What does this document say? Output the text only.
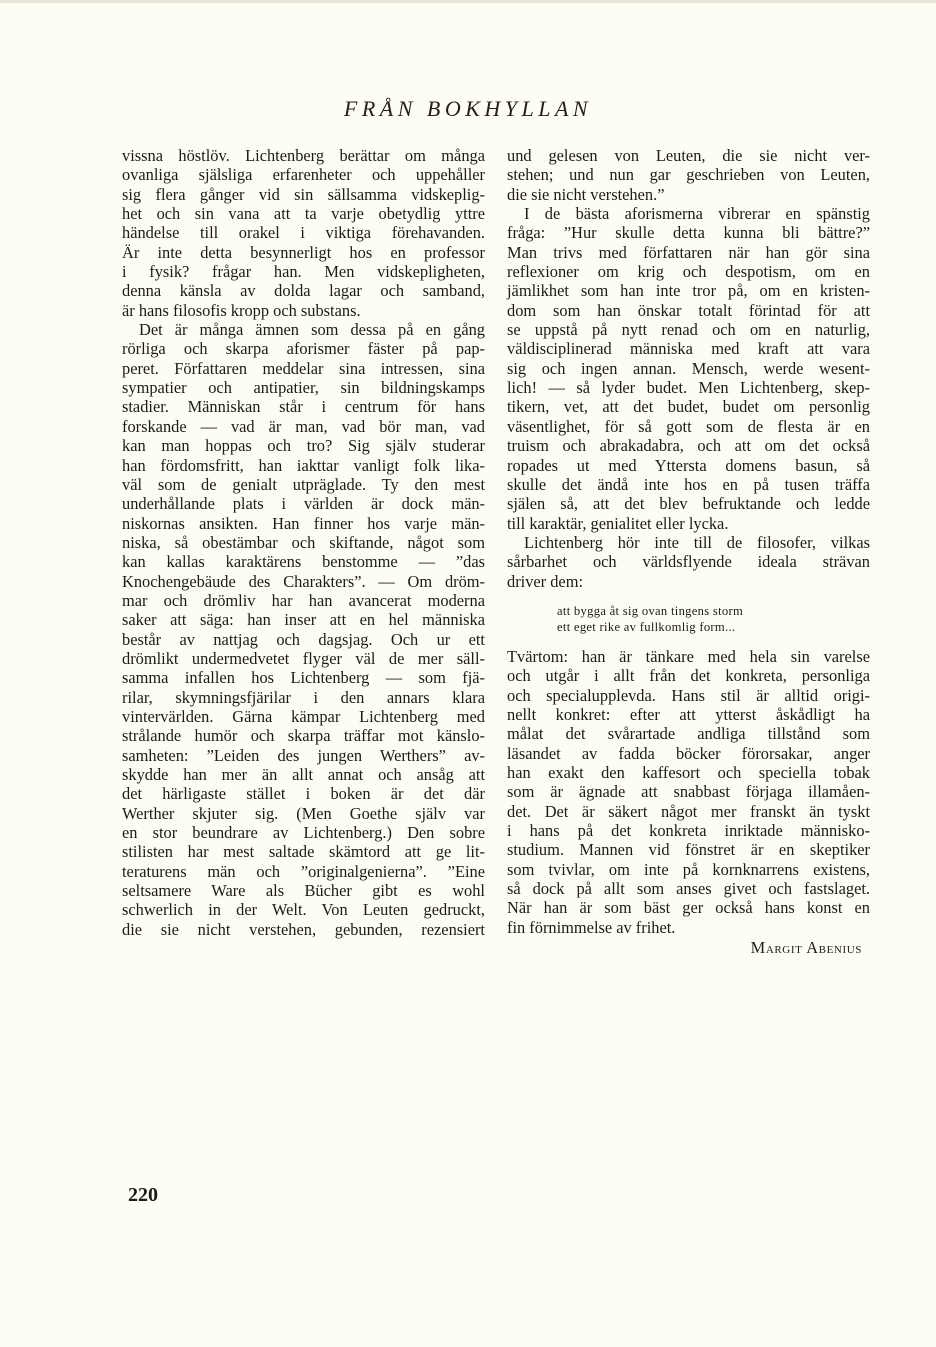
FRÅN BOKHYLLAN
vissna höstlöv. Lichtenberg berättar om många
ovanliga själsliga erfarenheter och uppehåller
sig flera gånger vid sin sällsamma vidskeplig-
het och sin vana att ta varje obetydlig yttre
händelse till orakel i viktiga förehavanden.
Är inte detta besynnerligt hos en professor
i fysik? frågar han. Men vidskepligheten,
denna känsla av dolda lagar och samband,
är hans filosofis kropp och substans.
Det är många ämnen som dessa på en gång
rörliga och skarpa aforismer fäster på pap-
peret. Författaren meddelar sina intressen, sina
sympatier och antipatier, sin bildningskamps
stadier. Människan står i centrum för hans
forskande — vad är man, vad bör man, vad
kan man hoppas och tro? Sig själv studerar
han fördomsfritt, han iakttar vanligt folk lika-
väl som de genialt utpräglade. Ty den mest
underhållande plats i världen är dock män-
niskornas ansikten. Han finner hos varje män-
niska, så obestämbar och skiftande, något som
kan kallas karaktärens benstomme — ”das
Knochengebäude des Charakters”. — Om dröm-
mar och drömliv har han avancerat moderna
saker att säga: han inser att en hel människa
består av nattjag och dagsjag. Och ur ett
drömlikt undermedvetet flyger väl de mer säll-
samma infallen hos Lichtenberg — som fjä-
rilar, skymningsfjärilar i den annars klara
vintervärlden. Gärna kämpar Lichtenberg med
strålande humör och skarpa träffar mot känslo-
samheten: ”Leiden des jungen Werthers” av-
skydde han mer än allt annat och ansåg att
det härligaste stället i boken är det där
Werther skjuter sig. (Men Goethe själv var
en stor beundrare av Lichtenberg.) Den sobre
stilisten har mest saltade skämtord att ge lit-
teraturens män och ”originalgenierna”. ”Eine
seltsamere Ware als Bücher gibt es wohl
schwerlich in der Welt. Von Leuten gedruckt,
die sie nicht verstehen, gebunden, rezensiert
und gelesen von Leuten, die sie nicht ver-
stehen; und nun gar geschrieben von Leuten,
die sie nicht verstehen.”
I de bästa aforismerna vibrerar en spänstig
fråga: ”Hur skulle detta kunna bli bättre?”
Man trivs med författaren när han gör sina
reflexioner om krig och despotism, om en
jämlikhet som han inte tror på, om en kristen-
dom som han önskar totalt förintad för att
se uppstå på nytt renad och om en naturlig,
väldisciplinerad människa med kraft att vara
sig och ingen annan. Mensch, werde wesent-
lich! — så lyder budet. Men Lichtenberg, skep-
tikern, vet, att det budet, budet om personlig
väsentlighet, för så gott som de flesta är en
truism och abrakadabra, och att om det också
ropades ut med Yttersta domens basun, så
skulle det ändå inte hos en på tusen träffa
själen så, att det blev befruktande och ledde
till karaktär, genialitet eller lycka.
Lichtenberg hör inte till de filosofer, vilkas
sårbarhet och världsflyende ideala strävan
driver dem:
att bygga åt sig ovan tingens storm
ett eget rike av fullkomlig form...
Tvärtom: han är tänkare med hela sin varelse
och utgår i allt från det konkreta, personliga
och specialupplevda. Hans stil är alltid origi-
nellt konkret: efter att ytterst åskådligt ha
målat det svårartade andliga tillstånd som
läsandet av fadda böcker förorsakar, anger
han exakt den kaffesort och speciella tobak
som är ägnade att snabbast förjaga illamåen-
det. Det är säkert något mer franskt än tyskt
i hans på det konkreta inriktade människo-
studium. Mannen vid fönstret är en skeptiker
som tvivlar, om inte på kornknarrens existens,
så dock på allt som anses givet och fastslaget.
När han är som bäst ger också hans konst en
fin förnimmelse av frihet.
Margit Abenius
220
